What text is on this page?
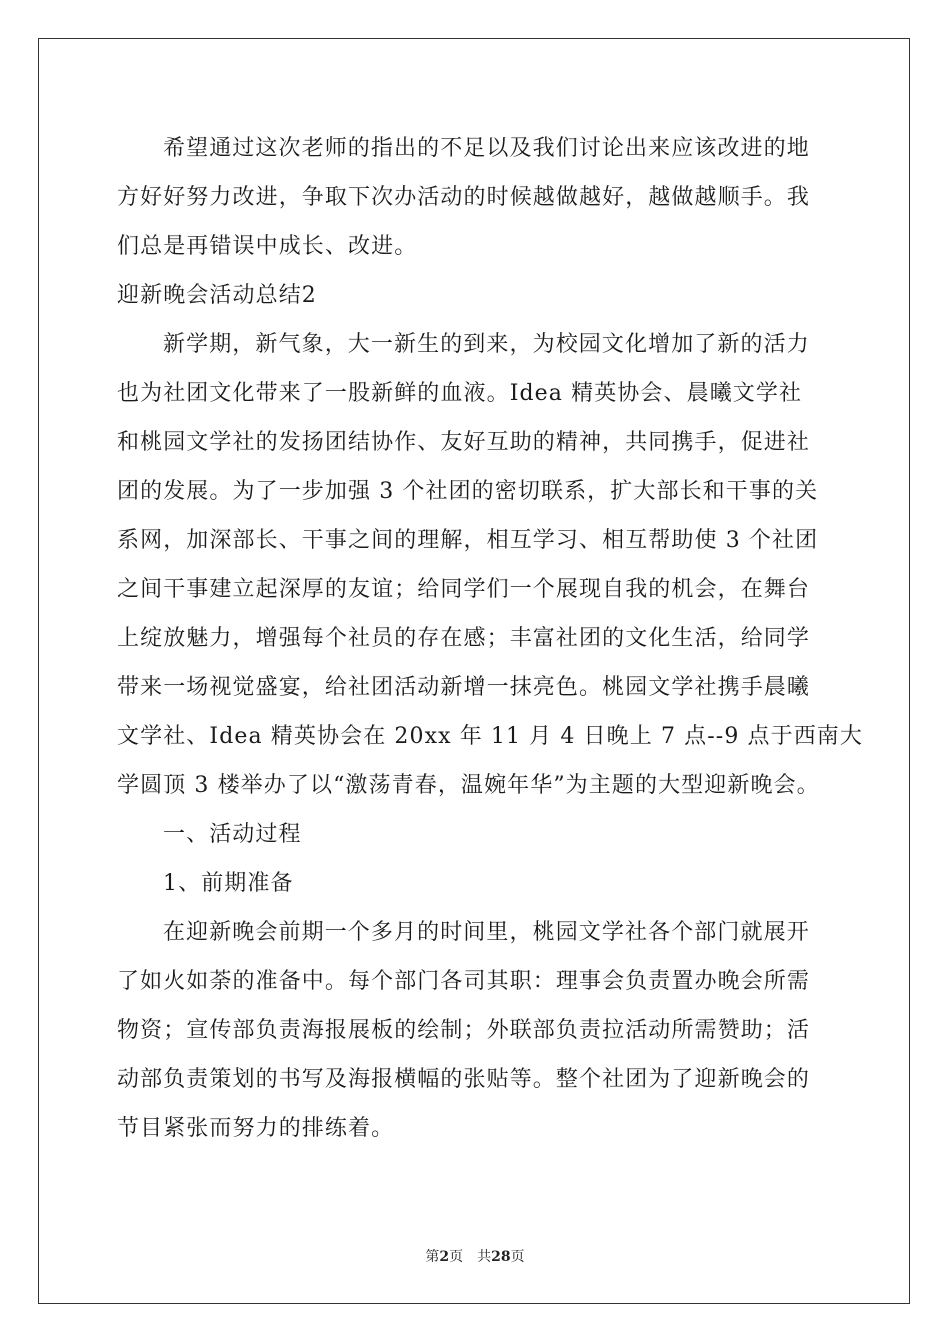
希望通过这次老师的指出的不足以及我们讨论出来应该改进的地
方好好努力改进，争取下次办活动的时候越做越好，越做越顺手。我
们总是再错误中成长、改进。
迎新晚会活动总结2
新学期，新气象，大一新生的到来，为校园文化增加了新的活力
也为社团文化带来了一股新鲜的血液。Idea 精英协会、晨曦文学社
和桃园文学社的发扬团结协作、友好互助的精神，共同携手，促进社
团的发展。为了一步加强 3 个社团的密切联系，扩大部长和干事的关
系网，加深部长、干事之间的理解，相互学习、相互帮助使 3 个社团
之间干事建立起深厚的友谊；给同学们一个展现自我的机会，在舞台
上绽放魅力，增强每个社员的存在感；丰富社团的文化生活，给同学
带来一场视觉盛宴，给社团活动新增一抹亮色。桃园文学社携手晨曦
文学社、Idea 精英协会在 20xx 年 11 月 4 日晚上 7 点--9 点于西南大
学圆顶 3 楼举办了以“激荡青春，温婉年华”为主题的大型迎新晚会。
一、活动过程
1、前期准备
在迎新晚会前期一个多月的时间里，桃园文学社各个部门就展开
了如火如荼的准备中。每个部门各司其职：理事会负责置办晚会所需
物资；宣传部负责海报展板的绘制；外联部负责拉活动所需赞助；活
动部负责策划的书写及海报横幅的张贴等。整个社团为了迎新晚会的
节目紧张而努力的排练着。
第2页 共28页
